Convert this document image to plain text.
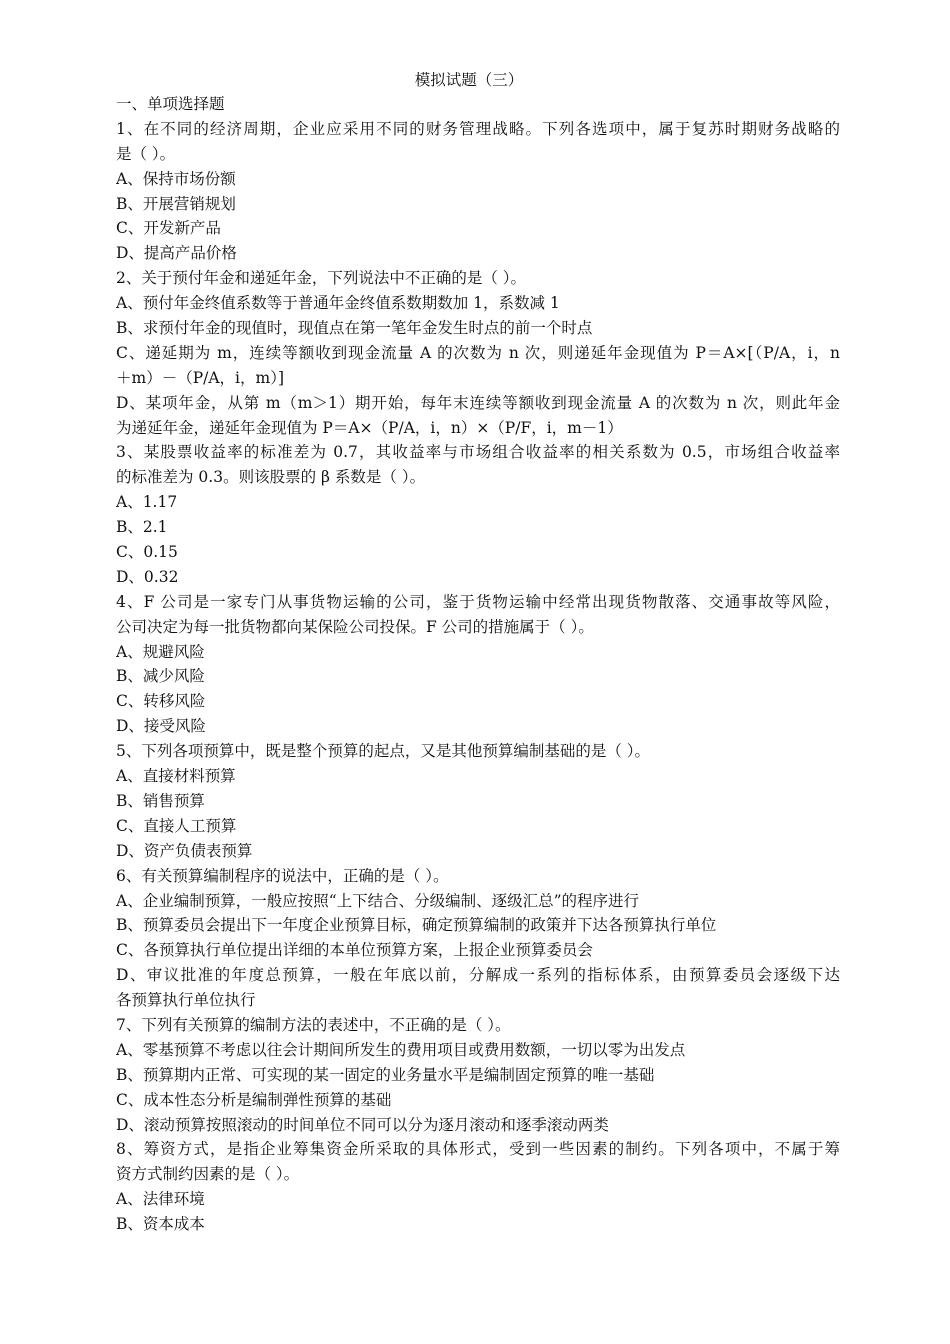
模拟试题（三）
一、单项选择题
1、在不同的经济周期，企业应采用不同的财务管理战略。下列各选项中，属于复苏时期财务战略的
是（ ）。
A、保持市场份额
B、开展营销规划
C、开发新产品
D、提高产品价格
2、关于预付年金和递延年金，下列说法中不正确的是（ ）。
A、预付年金终值系数等于普通年金终值系数期数加 1，系数减 1
B、求预付年金的现值时，现值点在第一笔年金发生时点的前一个时点
C、递延期为 m，连续等额收到现金流量 A 的次数为 n 次，则递延年金现值为 P＝A×[（P/A，i，n
＋m）－（P/A，i，m）]
D、某项年金，从第 m（m＞1）期开始，每年末连续等额收到现金流量 A 的次数为 n 次，则此年金
为递延年金，递延年金现值为 P＝A×（P/A，i，n）×（P/F，i，m－1）
3、某股票收益率的标准差为 0.7，其收益率与市场组合收益率的相关系数为 0.5，市场组合收益率
的标准差为 0.3。则该股票的 β 系数是（ ）。
A、1.17
B、2.1
C、0.15
D、0.32
4、F 公司是一家专门从事货物运输的公司，鉴于货物运输中经常出现货物散落、交通事故等风险，
公司决定为每一批货物都向某保险公司投保。F 公司的措施属于（ ）。
A、规避风险
B、减少风险
C、转移风险
D、接受风险
5、下列各项预算中，既是整个预算的起点，又是其他预算编制基础的是（ ）。
A、直接材料预算
B、销售预算
C、直接人工预算
D、资产负债表预算
6、有关预算编制程序的说法中，正确的是（ ）。
A、企业编制预算，一般应按照“上下结合、分级编制、逐级汇总”的程序进行
B、预算委员会提出下一年度企业预算目标，确定预算编制的政策并下达各预算执行单位
C、各预算执行单位提出详细的本单位预算方案，上报企业预算委员会
D、审议批准的年度总预算，一般在年底以前，分解成一系列的指标体系，由预算委员会逐级下达
各预算执行单位执行
7、下列有关预算的编制方法的表述中，不正确的是（ ）。
A、零基预算不考虑以往会计期间所发生的费用项目或费用数额，一切以零为出发点
B、预算期内正常、可实现的某一固定的业务量水平是编制固定预算的唯一基础
C、成本性态分析是编制弹性预算的基础
D、滚动预算按照滚动的时间单位不同可以分为逐月滚动和逐季滚动两类
8、筹资方式，是指企业筹集资金所采取的具体形式，受到一些因素的制约。下列各项中，不属于筹
资方式制约因素的是（ ）。
A、法律环境
B、资本成本
